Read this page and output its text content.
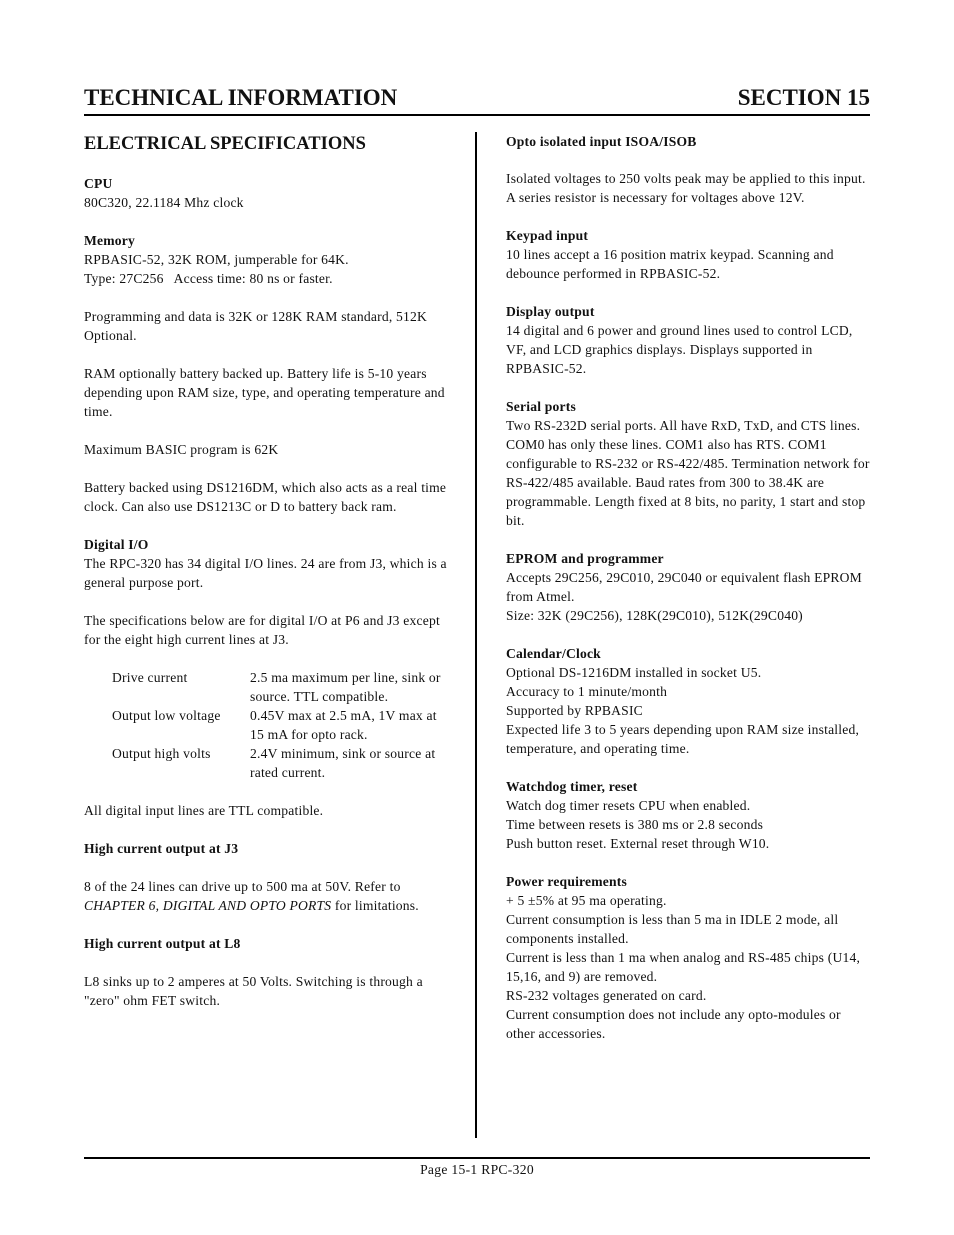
TECHNICAL INFORMATION	SECTION 15
ELECTRICAL SPECIFICATIONS
CPU
80C320, 22.1184 Mhz clock
Memory
RPBASIC-52, 32K ROM, jumperable for 64K.
Type: 27C256   Access time: 80 ns or faster.
Programming and data is 32K or 128K RAM standard, 512K Optional.
RAM optionally battery backed up. Battery life is 5-10 years depending upon RAM size, type, and operating temperature and time.
Maximum BASIC program is 62K
Battery backed using DS1216DM, which also acts as a real time clock. Can also use DS1213C or D to battery back ram.
Digital I/O
The RPC-320 has 34 digital I/O lines. 24 are from J3, which is a general purpose port.
The specifications below are for digital I/O at P6 and J3 except for the eight high current lines at J3.
Drive current	2.5 ma maximum per line, sink or source. TTL compatible.
Output low voltage	0.45V max at 2.5 mA, 1V max at 15 mA for opto rack.
Output high volts	2.4V minimum, sink or source at rated current.
All digital input lines are TTL compatible.
High current output at J3
8 of the 24 lines can drive up to 500 ma at 50V. Refer to CHAPTER 6, DIGITAL AND OPTO PORTS for limitations.
High current output at L8
L8 sinks up to 2 amperes at 50 Volts. Switching is through a "zero" ohm FET switch.
Opto isolated input ISOA/ISOB
Isolated voltages to 250 volts peak may be applied to this input. A series resistor is necessary for voltages above 12V.
Keypad input
10 lines accept a 16 position matrix keypad. Scanning and debounce performed in RPBASIC-52.
Display output
14 digital and 6 power and ground lines used to control LCD, VF, and LCD graphics displays. Displays supported in RPBASIC-52.
Serial ports
Two RS-232D serial ports. All have RxD, TxD, and CTS lines. COM0 has only these lines. COM1 also has RTS. COM1 configurable to RS-232 or RS-422/485. Termination network for RS-422/485 available. Baud rates from 300 to 38.4K are programmable. Length fixed at 8 bits, no parity, 1 start and stop bit.
EPROM and programmer
Accepts 29C256, 29C010, 29C040 or equivalent flash EPROM from Atmel.
Size: 32K (29C256), 128K(29C010), 512K(29C040)
Calendar/Clock
Optional DS-1216DM installed in socket U5.
Accuracy to 1 minute/month
Supported by RPBASIC
Expected life 3 to 5 years depending upon RAM size installed, temperature, and operating time.
Watchdog timer, reset
Watch dog timer resets CPU when enabled.
Time between resets is 380 ms or 2.8 seconds
Push button reset. External reset through W10.
Power requirements
+ 5 ±5% at 95 ma operating.
Current consumption is less than 5 ma in IDLE 2 mode, all components installed.
Current is less than 1 ma when analog and RS-485 chips (U14, 15,16, and 9) are removed.
RS-232 voltages generated on card.
Current consumption does not include any opto-modules or other accessories.
Page 15-1 RPC-320
